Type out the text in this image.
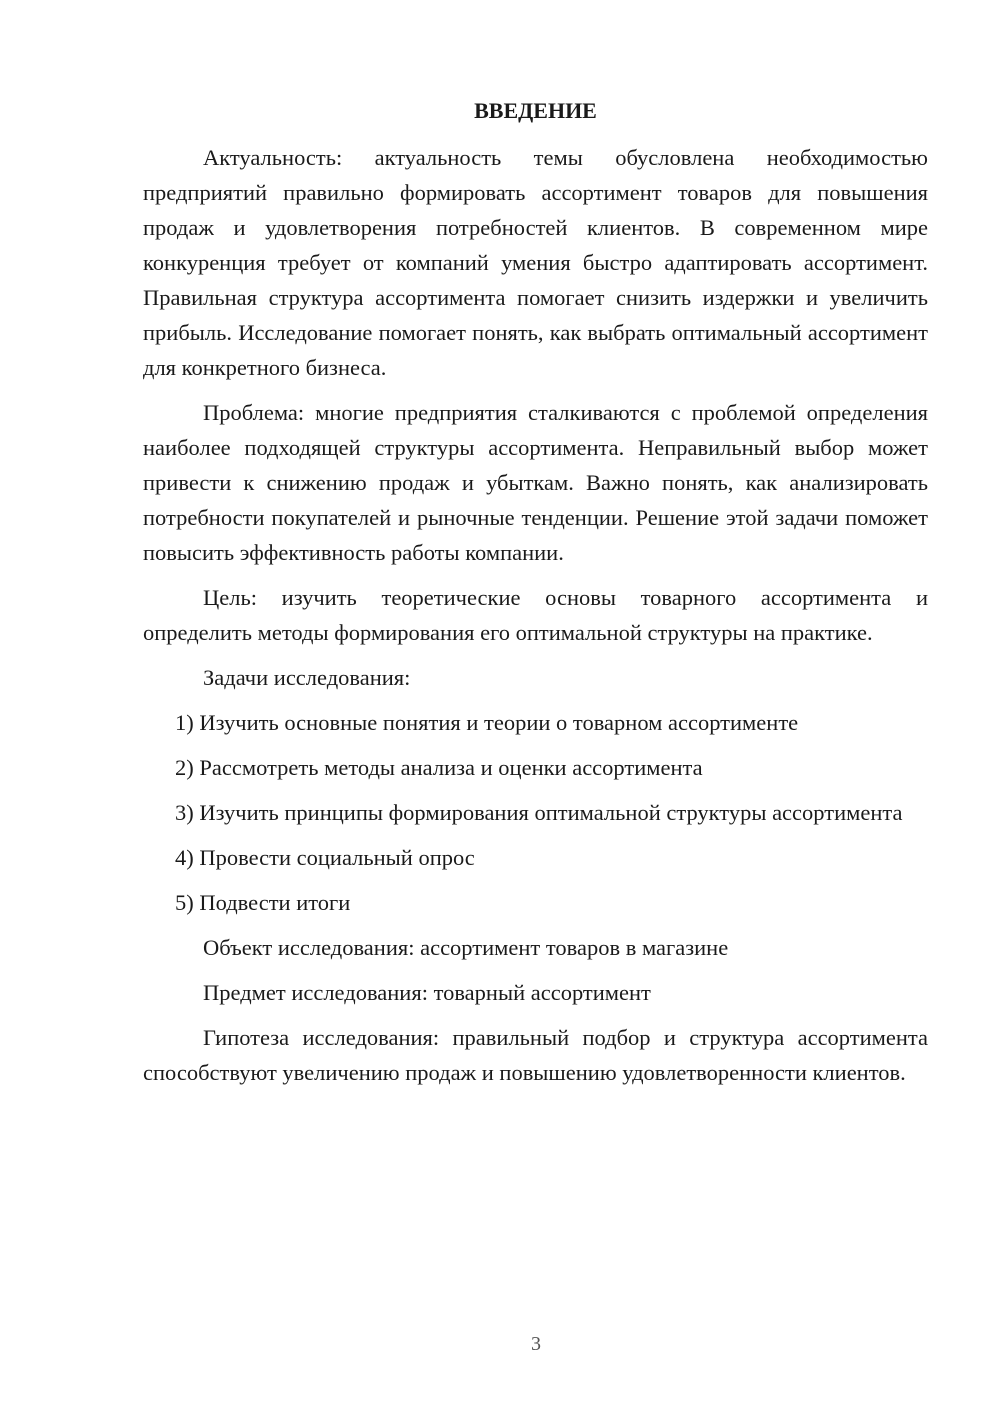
ВВЕДЕНИЕ

Актуальность: актуальность темы обусловлена необходимостью предприятий правильно формировать ассортимент товаров для повышения продаж и удовлетворения потребностей клиентов. В современном мире конкуренция требует от компаний умения быстро адаптировать ассортимент. Правильная структура ассортимента помогает снизить издержки и увеличить прибыль. Исследование помогает понять, как выбрать оптимальный ассортимент для конкретного бизнеса.

Проблема: многие предприятия сталкиваются с проблемой определения наиболее подходящей структуры ассортимента. Неправильный выбор может привести к снижению продаж и убыткам. Важно понять, как анализировать потребности покупателей и рыночные тенденции. Решение этой задачи поможет повысить эффективность работы компании.

Цель: изучить теоретические основы товарного ассортимента и определить методы формирования его оптимальной структуры на практике.

Задачи исследования:

1) Изучить основные понятия и теории о товарном ассортименте

2) Рассмотреть методы анализа и оценки ассортимента

3) Изучить принципы формирования оптимальной структуры ассортимента

4) Провести социальный опрос

5) Подвести итоги

Объект исследования: ассортимент товаров в магазине

Предмет исследования: товарный ассортимент

Гипотеза исследования: правильный подбор и структура ассортимента способствуют увеличению продаж и повышению удовлетворенности клиентов.

3
